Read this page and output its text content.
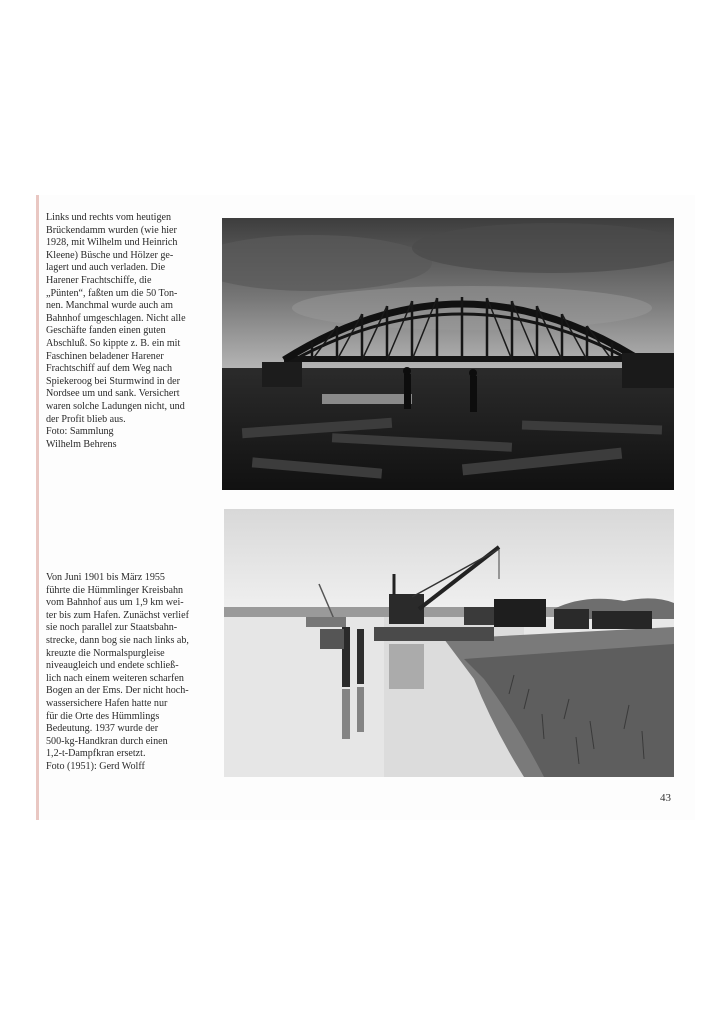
Links und rechts vom heutigen
Brückendamm wurden (wie hier
1928, mit Wilhelm und Heinrich
Kleene) Büsche und Hölzer ge-
lagert und auch verladen. Die
Harener Frachtschiffe, die
„Pünten“, faßten um die 50 Ton-
nen. Manchmal wurde auch am
Bahnhof umgeschlagen. Nicht alle
Geschäfte fanden einen guten
Abschluß. So kippte z. B. ein mit
Faschinen beladener Harener
Frachtschiff auf dem Weg nach
Spiekeroog bei Sturmwind in der
Nordsee um und sank. Versichert
waren solche Ladungen nicht, und
der Profit blieb aus.
Foto: Sammlung
Wilhelm Behrens
Von Juni 1901 bis März 1955
führte die Hümmlinger Kreisbahn
vom Bahnhof aus um 1,9 km wei-
ter bis zum Hafen. Zunächst verlief
sie noch parallel zur Staatsbahn-
strecke, dann bog sie nach links ab,
kreuzte die Normalspurgleise
niveaugleich und endete schließ-
lich nach einem weiteren scharfen
Bogen an der Ems. Der nicht hoch-
wassersichere Hafen hatte nur
für die Orte des Hümmlings
Bedeutung. 1937 wurde der
500-kg-Handkran durch einen
1,2-t-Dampfkran ersetzt.
Foto (1951): Gerd Wolff
43
